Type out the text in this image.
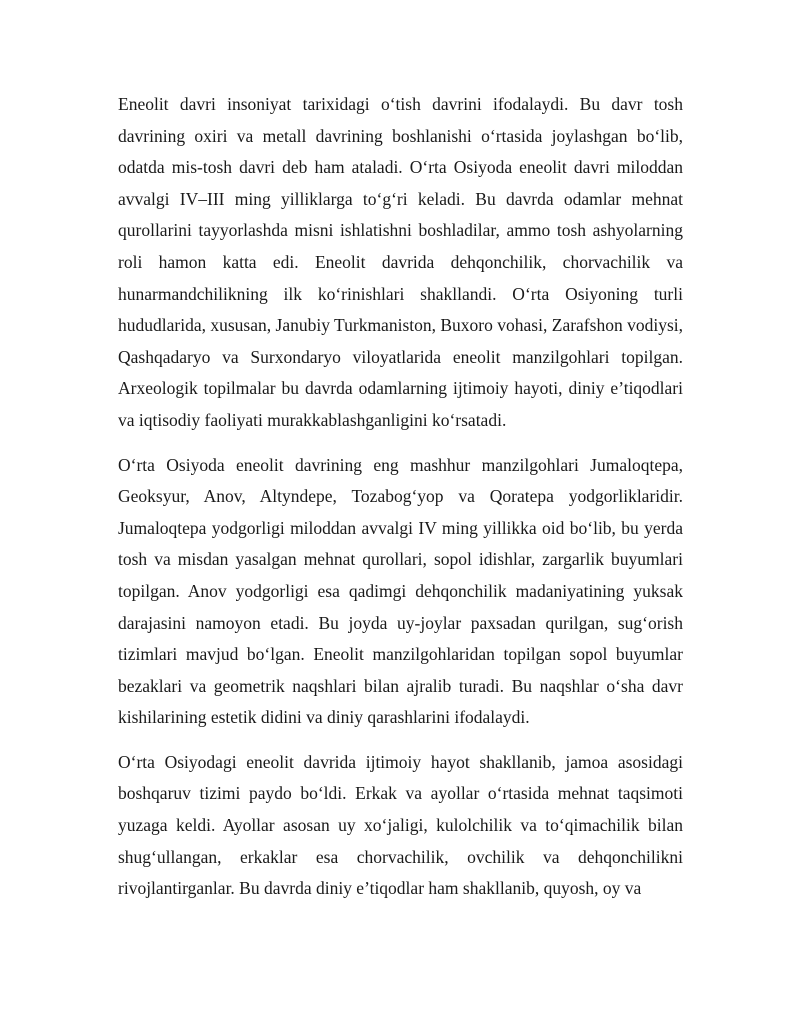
Eneolit davri insoniyat tarixidagi o‘tish davrini ifodalaydi. Bu davr tosh davrining oxiri va metall davrining boshlanishi o‘rtasida joylashgan bo‘lib, odatda mis-tosh davri deb ham ataladi. O‘rta Osiyoda eneolit davri miloddan avvalgi IV–III ming yilliklarga to‘g‘ri keladi. Bu davrda odamlar mehnat qurollarini tayyorlashda misni ishlatishni boshladilar, ammo tosh ashyolarning roli hamon katta edi. Eneolit davrida dehqonchilik, chorvachilik va hunarmandchilikning ilk ko‘rinishlari shakllandi. O‘rta Osiyoning turli hududlarida, xususan, Janubiy Turkmaniston, Buxoro vohasi, Zarafshon vodiysi, Qashqadaryo va Surxondaryo viloyatlarida eneolit manzilgohlari topilgan. Arxeologik topilmalar bu davrda odamlarning ijtimoiy hayoti, diniy e’tiqodlari va iqtisodiy faoliyati murakkablashganligini ko‘rsatadi.

O‘rta Osiyoda eneolit davrining eng mashhur manzilgohlari Jumaloqtepa, Geoksyur, Anov, Altyndepe, Tozabog‘yop va Qoratepa yodgorliklaridir. Jumaloqtepa yodgorligi miloddan avvalgi IV ming yillikka oid bo‘lib, bu yerda tosh va misdan yasalgan mehnat qurollari, sopol idishlar, zargarlik buyumlari topilgan. Anov yodgorligi esa qadimgi dehqonchilik madaniyatining yuksak darajasini namoyon etadi. Bu joyda uy-joylar paxsadan qurilgan, sug‘orish tizimlari mavjud bo‘lgan. Eneolit manzilgohlaridan topilgan sopol buyumlar bezaklari va geometrik naqshlari bilan ajralib turadi. Bu naqshlar o‘sha davr kishilarining estetik didini va diniy qarashlarini ifodalaydi.

O‘rta Osiyodagi eneolit davrida ijtimoiy hayot shakllanib, jamoa asosidagi boshqaruv tizimi paydo bo‘ldi. Erkak va ayollar o‘rtasida mehnat taqsimoti yuzaga keldi. Ayollar asosan uy xo‘jaligi, kulolchilik va to‘qimachilik bilan shug‘ullangan, erkaklar esa chorvachilik, ovchilik va dehqonchilikni rivojlantirganlar. Bu davrda diniy e’tiqodlar ham shakllanib, quyosh, oy va
